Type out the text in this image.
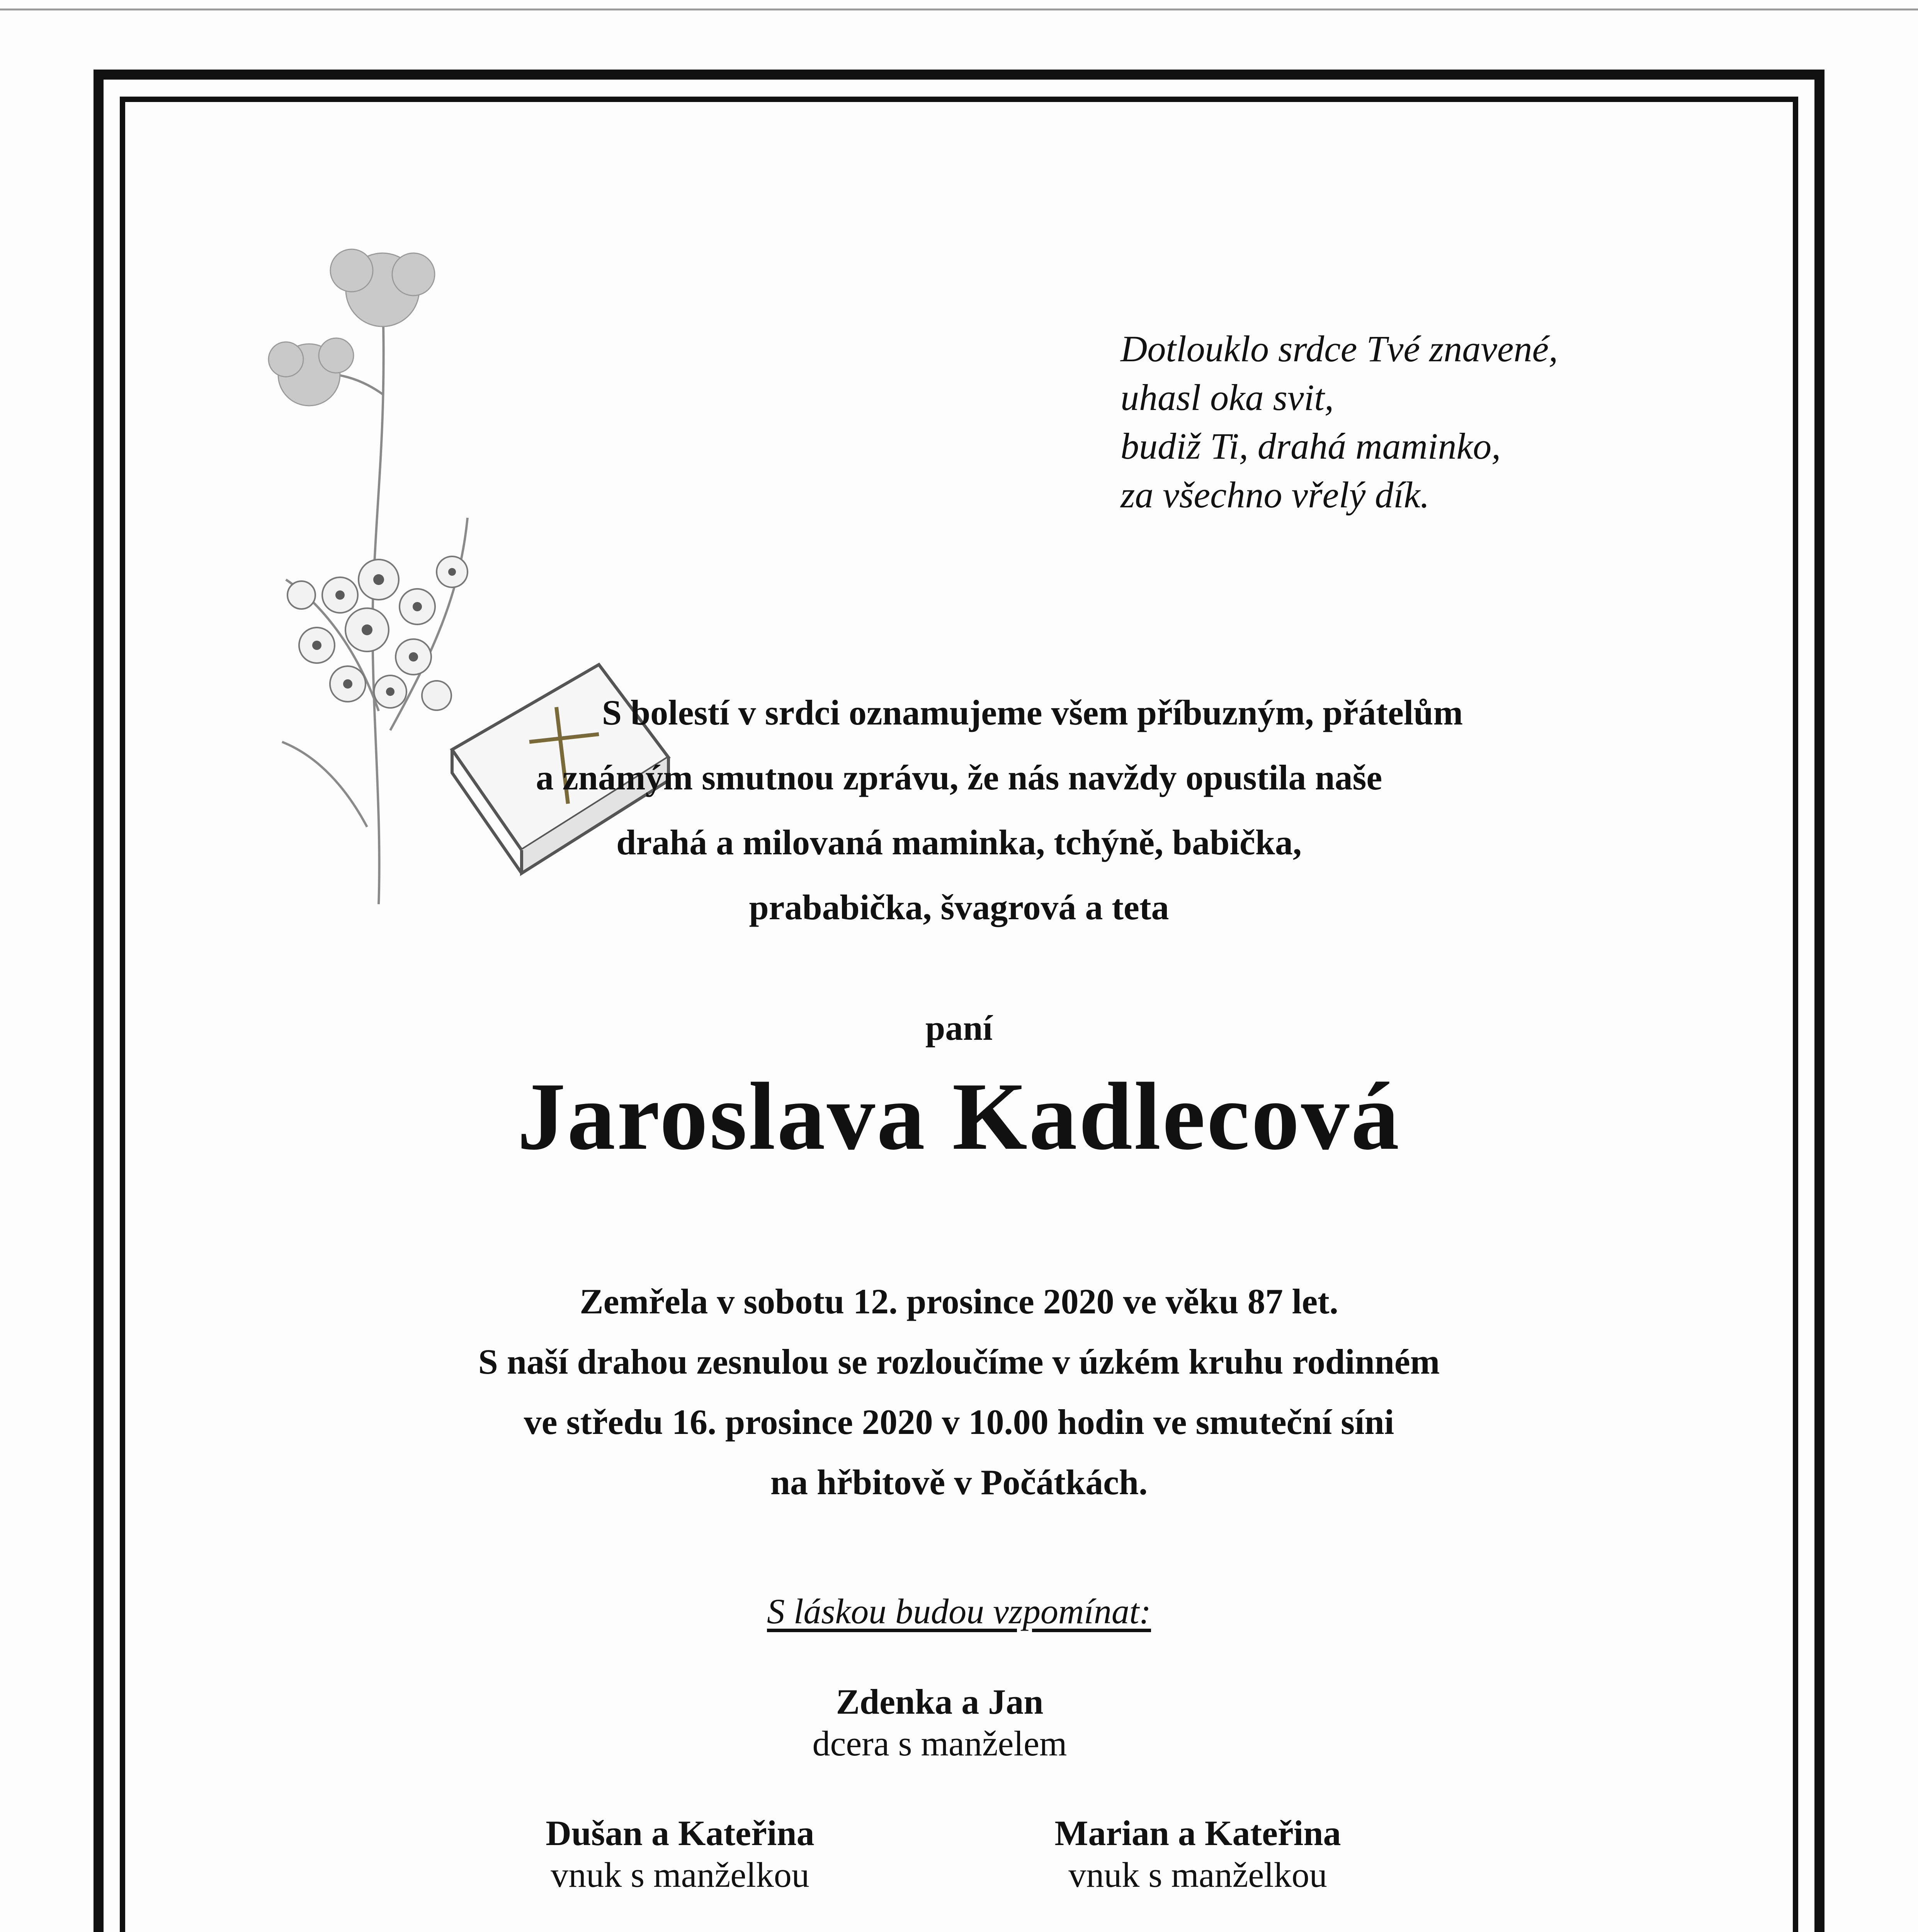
Dotlouklo srdce Tvé znavené,
uhasl oka svit,
budiž Ti, drahá maminko,
za všechno vřelý dík.
S bolestí v srdci oznamujeme všem příbuzným, přátelům
a známým smutnou zprávu, že nás navždy opustila naše
drahá a milovaná maminka, tchýně, babička,
prababička, švagrová a teta
paní
Jaroslava Kadlecová
Zemřela v sobotu 12. prosince 2020 ve věku 87 let.
S naší drahou zesnulou se rozloučíme v úzkém kruhu rodinném
ve středu 16. prosince 2020 v 10.00 hodin ve smuteční síni
na hřbitově v Počátkách.
S láskou budou vzpomínat:
Zdenka a Jan
dcera s manželem
Dušan a Kateřina
vnuk s manželkou
Marian a Kateřina
vnuk s manželkou
